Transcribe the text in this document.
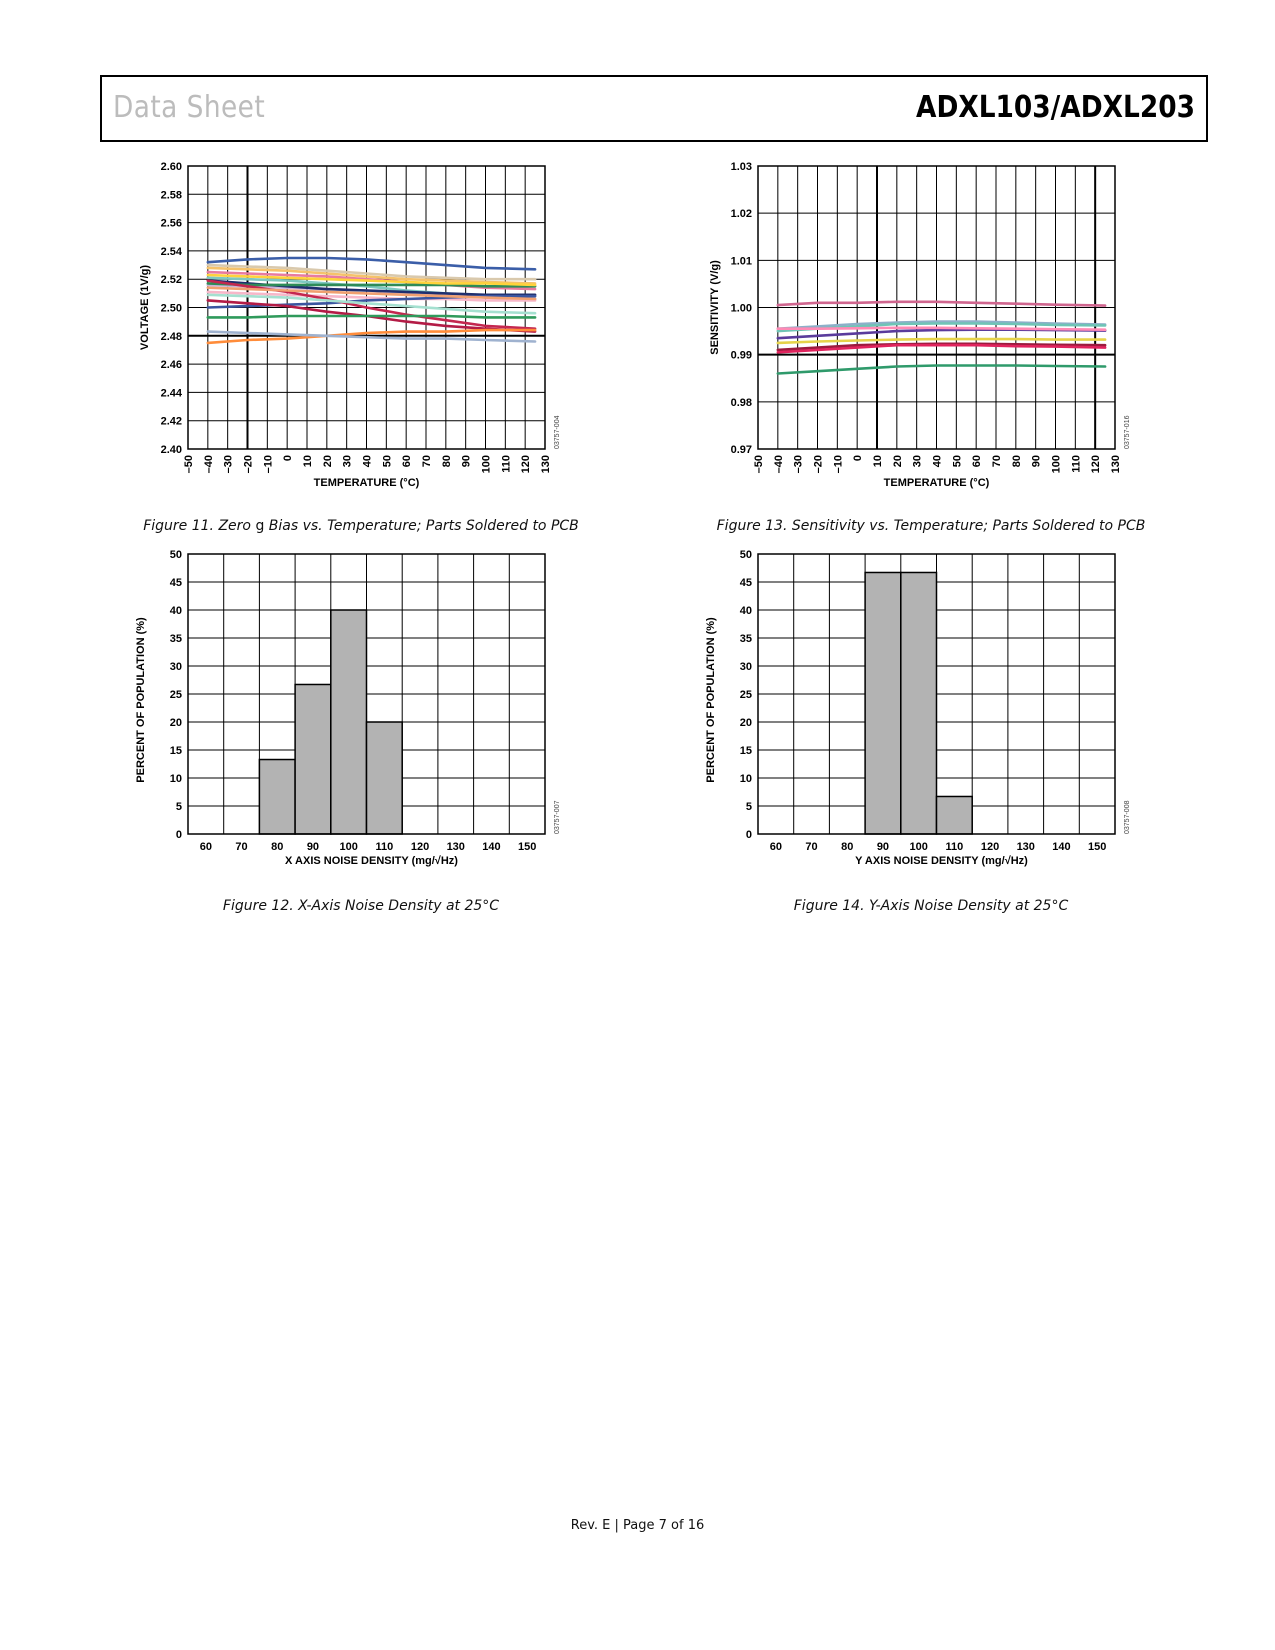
Data Sheet	ADXL103/ADXL203
–50 –40 –30 –20 –10 0 10 20 30 40 50 60 70 80 90 100 110 120 130
2.40
2.42
2.44
2.46
2.48
2.50
2.52
2.54
2.56
2.58
2.60
TEMPERATURE (°C)
VOLTAGE (1V/g)
03757-004
Figure 11. Zero g Bias vs. Temperature; Parts Soldered to PCB
–50 –40 –30 –20 –10 0 10 20 30 40 50 60 70 80 90 100 110 120 130
0.97
0.98
0.99
1.00
1.01
1.02
1.03
TEMPERATURE (°C)
SENSITIVITY (V/g)
03757-016
Figure 13. Sensitivity vs. Temperature; Parts Soldered to PCB
0
5
10
15
20
25
30
35
40
45
50
60 70 80 90 100 110 120 130 140 150
X AXIS NOISE DENSITY (mg/√Hz)
PERCENT OF POPULATION (%)
03757-007
Figure 12. X-Axis Noise Density at 25°C
0
5
10
15
20
25
30
35
40
45
50
60 70 80 90 100 110 120 130 140 150
Y AXIS NOISE DENSITY (mg/√Hz)
PERCENT OF POPULATION (%)
03757-008
Figure 14. Y-Axis Noise Density at 25°C
Rev. E | Page 7 of 16
